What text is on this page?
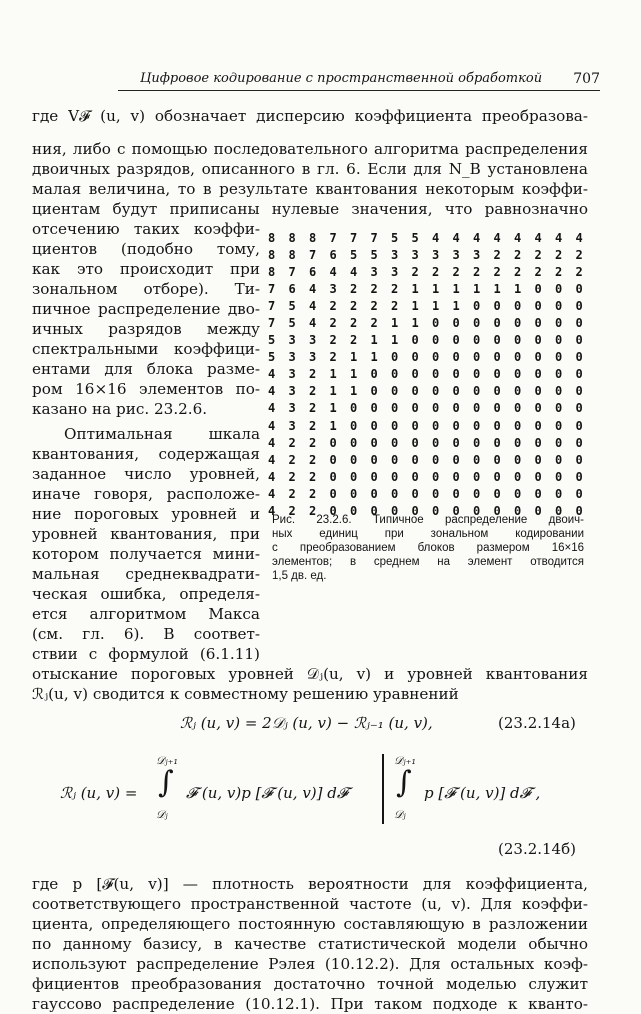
Цифровое кодирование с пространственной обработкой 707
где V𝓕 (u, v) обозначает дисперсию коэффициента преобразова-
ния, либо с помощью последовательного алгоритма распределения
двоичных разрядов, описанного в гл. 6. Если для N_B установлена
малая величина, то в результате квантования некоторым коэффи-
циентам будут приписаны нулевые значения, что равнозначно
отсечению таких коэффи-
циентов (подобно тому,
как это происходит при
зональном отборе). Ти-
пичное распределение дво-
ичных разрядов между
спектральными коэффици-
ентами для блока разме-
ром 16×16 элементов по-
казано на рис. 23.2.6.
Оптимальная шкала
квантования, содержащая
заданное число уровней,
иначе говоря, расположе-
ние пороговых уровней и
уровней квантования, при
котором получается мини-
мальная среднеквадрати-
ческая ошибка, определя-
ется алгоритмом Макса
(см. гл. 6). В соответ-
ствии с формулой (6.1.11)
8	8	8	7	7	7	5	5	4	4	4	4	4	4	4	4
8	8	7	6	5	5	3	3	3	3	3	2	2	2	2	2
8	7	6	4	4	3	3	2	2	2	2	2	2	2	2	2
7	6	4	3	2	2	2	1	1	1	1	1	1	0	0	0
7	5	4	2	2	2	2	1	1	1	0	0	0	0	0	0
7	5	4	2	2	2	1	1	0	0	0	0	0	0	0	0
5	3	3	2	2	1	1	0	0	0	0	0	0	0	0	0
5	3	3	2	1	1	0	0	0	0	0	0	0	0	0	0
4	3	2	1	1	0	0	0	0	0	0	0	0	0	0	0
4	3	2	1	1	0	0	0	0	0	0	0	0	0	0	0
4	3	2	1	0	0	0	0	0	0	0	0	0	0	0	0
4	3	2	1	0	0	0	0	0	0	0	0	0	0	0	0
4	2	2	0	0	0	0	0	0	0	0	0	0	0	0	0
4	2	2	0	0	0	0	0	0	0	0	0	0	0	0	0
4	2	2	0	0	0	0	0	0	0	0	0	0	0	0	0
4	2	2	0	0	0	0	0	0	0	0	0	0	0	0	0
4	2	2	0	0	0	0	0	0	0	0	0	0	0	0	0
Рис. 23.2.6. Типичное распределение двоич-
ных единиц при зональном кодировании
с преобразованием блоков размером 16×16
элементов; в среднем на элемент отводится
1,5 дв. ед.
отыскание пороговых уровней 𝒟ⱼ(u, v) и уровней квантования
ℛⱼ(u, v) сводится к совместному решению уравнений
ℛⱼ (u, v) = 2𝒟ⱼ (u, v) − ℛⱼ₋₁ (u, v),	(23.2.14а)
ℛⱼ (u, v) =
𝒟ⱼ₊₁
∫
𝒟ⱼ
𝓕 (u, v)p [𝓕 (u, v)] d𝓕
𝒟ⱼ₊₁
∫
𝒟ⱼ
p [𝓕 (u, v)] d𝓕 ,
(23.2.14б)
где p [𝓕(u, v)] — плотность вероятности для коэффициента,
соответствующего пространственной частоте (u, v). Для коэффи-
циента, определяющего постоянную составляющую в разложении
по данному базису, в качестве статистической модели обычно
используют распределение Рэлея (10.12.2). Для остальных коэф-
фициентов преобразования достаточно точной моделью служит
гауссово распределение (10.12.1). При таком подходе к кванто-
